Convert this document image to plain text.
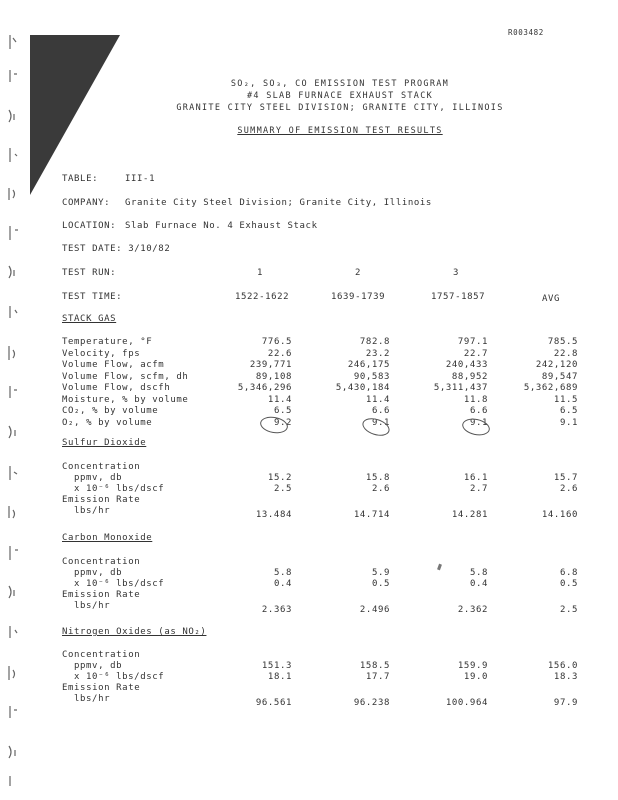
R003482
SO₂, SO₃, CO EMISSION TEST PROGRAM
#4 SLAB FURNACE EXHAUST STACK
GRANITE CITY STEEL DIVISION; GRANITE CITY, ILLINOIS
SUMMARY OF EMISSION TEST RESULTS
TABLE:	III-1
COMPANY: Granite City Steel Division; Granite City, Illinois
LOCATION: Slab Furnace No. 4 Exhaust Stack
TEST DATE: 3/10/82
TEST RUN:	1	2	3
TEST TIME:	1522-1622	1639-1739	1757-1857	AVG
STACK GAS
Temperature, °F	776.5	782.8	797.1	785.5
Velocity, fps	22.6	23.2	22.7	22.8
Volume Flow, acfm	239,771	246,175	240,433	242,120
Volume Flow, scfm, dh	89,108	90,583	88,952	89,547
Volume Flow, dscfh	5,346,296	5,430,184	5,311,437	5,362,689
Moisture, % by volume	11.4	11.4	11.8	11.5
CO₂, % by volume	6.5	6.6	6.6	6.5
O₂, % by volume	9.2	9.1	9.1	9.1
Sulfur Dioxide
Concentration
ppmv, db	15.2	15.8	16.1	15.7
x 10⁻⁶ lbs/dscf	2.5	2.6	2.7	2.6
Emission Rate
lbs/hr	13.484	14.714	14.281	14.160
Carbon Monoxide
Concentration
ppmv, db	5.8	5.9	5.8	6.8
x 10⁻⁶ lbs/dscf	0.4	0.5	0.4	0.5
Emission Rate
lbs/hr	2.363	2.496	2.362	2.5
Nitrogen Oxides (as NO₂)
Concentration
ppmv, db	151.3	158.5	159.9	156.0
x 10⁻⁶ lbs/dscf	18.1	17.7	19.0	18.3
Emission Rate
lbs/hr	96.561	96.238	100.964	97.9
